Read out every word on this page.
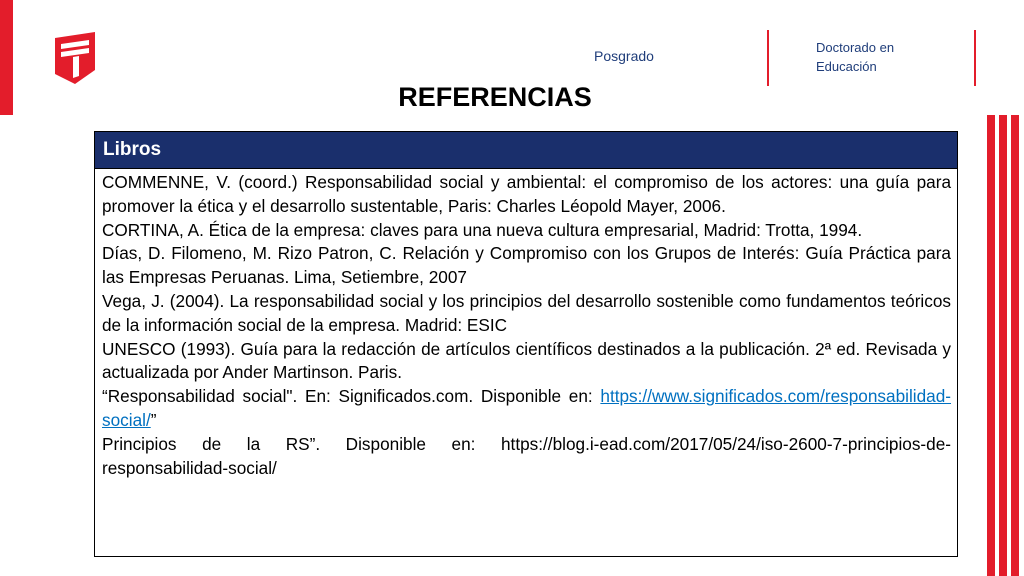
Posgrado
Doctorado en
Educación
REFERENCIAS
Libros

COMMENNE, V. (coord.) Responsabilidad social y ambiental: el compromiso de los actores: una guía para promover la ética y el desarrollo sustentable, Paris: Charles Léopold Mayer, 2006.

CORTINA, A. Ética de la empresa: claves para una nueva cultura empresarial, Madrid: Trotta, 1994.

Días, D. Filomeno, M. Rizo Patron, C. Relación y Compromiso con los Grupos de Interés: Guía Práctica para las Empresas Peruanas. Lima, Setiembre, 2007

Vega, J. (2004). La responsabilidad social y los principios del desarrollo sostenible como fundamentos teóricos de la información social de la empresa. Madrid: ESIC

UNESCO (1993). Guía para la redacción de artículos científicos destinados a la publicación. 2ª ed. Revisada y actualizada por Ander Martinson. Paris.

“Responsabilidad social". En: Significados.com. Disponible en: https://www.significados.com/responsabilidad-social/”

Principios de la RS”. Disponible en: https://blog.i-ead.com/2017/05/24/iso-2600-7-principios-de-responsabilidad-social/
